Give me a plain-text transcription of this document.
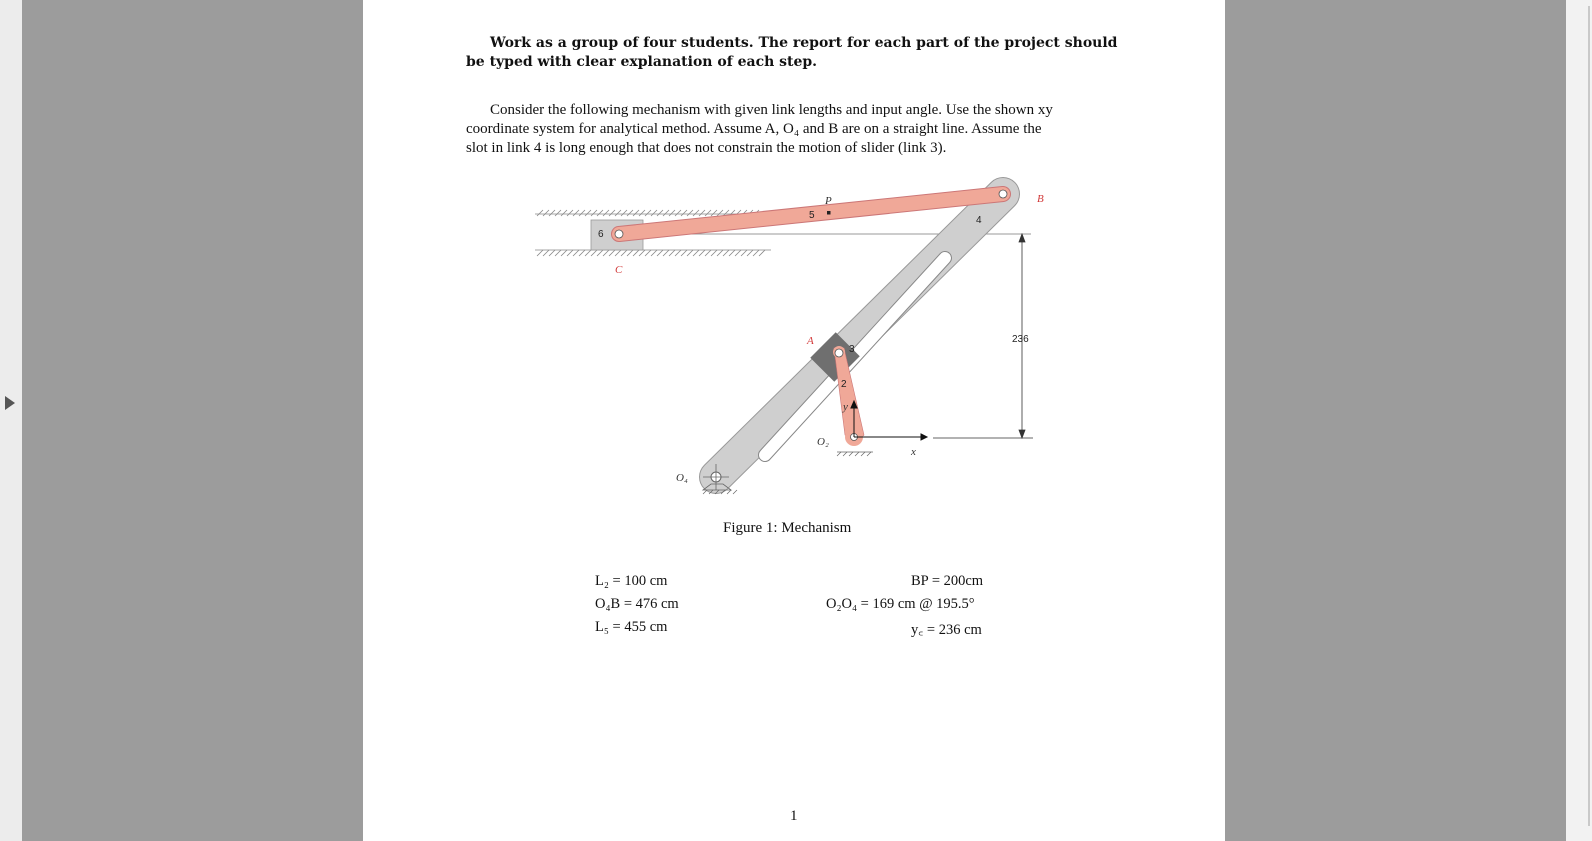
Work as a group of four students. The report for each part of the project should
be typed with clear explanation of each step.
Consider the following mechanism with given link lengths and input angle. Use the shown xy
coordinate system for analytical method. Assume A, O₄ and B are on a straight line. Assume the
slot in link 4 is long enough that does not constrain the motion of slider (link 3).
P	B
C
A
O₄
O₂
x
y
2
3
4
5
6
236
Figure 1: Mechanism
L₂ = 100 cm
O₄B = 476 cm
L₅ = 455 cm
BP = 200cm
O₂O₄ = 169 cm @ 195.5°
y꜀ = 236 cm
1
